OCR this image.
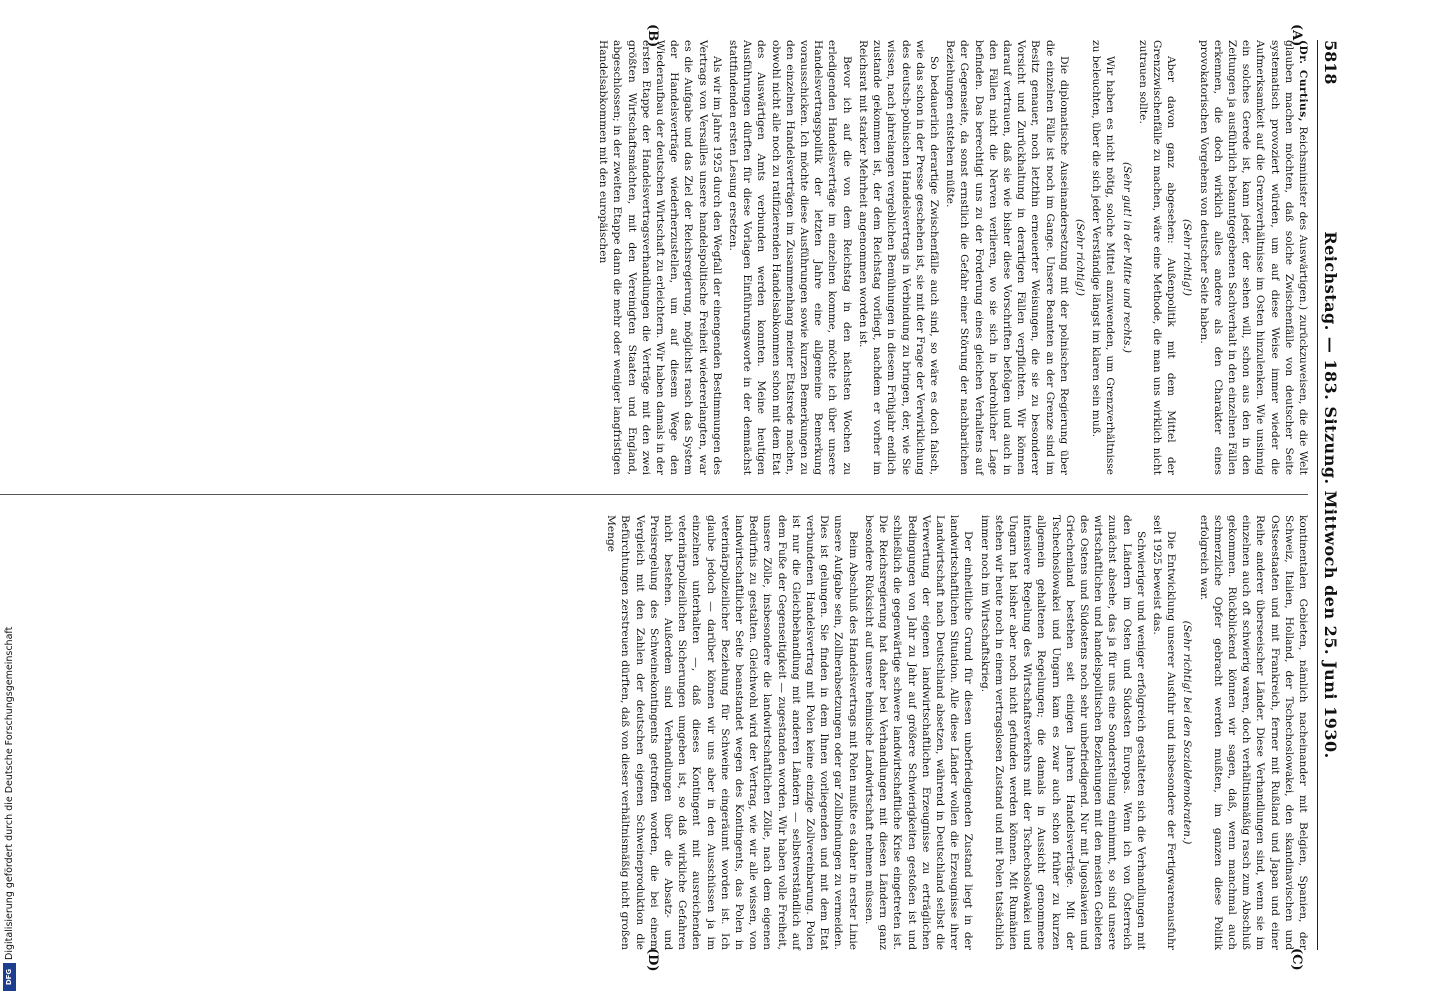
5818
Reichstag. — 183. Sitzung. Mittwoch den 25. Juni 1930.
(A)
(B)
(C)
(D)

(Dr. Curtius, Reichsminister des Auswärtigen.) zurückzuweisen, die die Welt glauben machen möchten, daß solche Zwischenfälle von deutscher Seite systematisch provoziert würden, um auf diese Weise immer wieder die Aufmerksamkeit auf die Grenzverhältnisse im Osten hinzulenken. Wie unsinnig ein solches Gerede ist, kann jeder, der sehen will, schon aus den in den Zeitungen ja ausführlich bekanntgegebenen Sachverhalt in den einzelnen Fällen erkennen, die doch wirklich alles andere als den Charakter eines provokatorischen Vorgehens von deutscher Seite haben.

(Sehr richtig!)

Aber davon ganz abgesehen: Außenpolitik mit dem Mittel der Grenzzwischenfälle zu machen, wäre eine Methode, die man uns wirklich nicht zutrauen sollte.

(Sehr gut! in der Mitte und rechts.)

Wir haben es nicht nötig, solche Mittel anzuwenden, um Grenzverhältnisse zu beleuchten, über die sich jeder Verständige längst im klaren sein muß.

(Sehr richtig!)

Die diplomatische Auseinandersetzung mit der polnischen Regierung über die einzelnen Fälle ist noch im Gange. Unsere Beamten an der Grenze sind im Besitz genauer, noch letzthin erneuerter Weisungen, die sie zu besonderer Vorsicht und Zurückhaltung in derartigen Fällen verpflichten. Wir können darauf vertrauen, daß sie wie bisher diese Vorschriften befolgen und auch in den Fällen nicht die Nerven verlieren, wo sie sich in bedrohlicher Lage befinden. Das berechtigt uns zu der Forderung eines gleichen Verhaltens auf der Gegenseite, da sonst ernstlich die Gefahr einer Störung der nachbarlichen Beziehungen entstehen müßte.

So bedauerlich derartige Zwischenfälle auch sind, so wäre es doch falsch, wie das schon in der Presse geschehen ist, sie mit der Frage der Verwirklichung des deutsch-polnischen Handelsvertrags in Verbindung zu bringen, der, wie Sie wissen, nach jahrelangen vergeblichen Bemühungen in diesem Frühjahr endlich zustande gekommen ist, der dem Reichstag vorliegt, nachdem er vorher im Reichsrat mit starker Mehrheit angenommen worden ist.

Bevor ich auf die von dem Reichstag in den nächsten Wochen zu erledigenden Handelsverträge im einzelnen komme, möchte ich über unsere Handelsvertragspolitik der letzten Jahre eine allgemeine Bemerkung vorausschicken. Ich möchte diese Ausführungen sowie kurzen Bemerkungen zu den einzelnen Handelsverträgen im Zusammenhang meiner Etatsrede machen, obwohl nicht alle noch zu ratifizierenden Handelsabkommen schon mit dem Etat des Auswärtigen Amts verbunden werden konnten. Meine heutigen Ausführungen dürften für diese Vorlagen Einführungsworte in der demnächst stattfindenden ersten Lesung ersetzen.

Als wir im Jahre 1925 durch den Wegfall der einengenden Bestimmungen des Vertrags von Versailles unsere handelspolitische Freiheit wiedererlangten, war es die Aufgabe und das Ziel der Reichsregierung, möglichst rasch das System der Handelsverträge wiederherzustellen, um auf diesem Wege den Wiederaufbau der deutschen Wirtschaft zu erleichtern. Wir haben damals in der ersten Etappe der Handelsvertragsverhandlungen die Verträge mit den zwei größten Wirtschaftsmächten, mit den Vereinigten Staaten und England, abgeschlossen; in der zweiten Etappe dann die mehr oder weniger langfristigen Handelsabkommen mit den europäischen

kontinentalen Gebieten, nämlich nacheinander mit Belgien, Spanien, der Schweiz, Italien, Holland, der Tschechoslowakei, den skandinavischen und Ostseestaaten und mit Frankreich, ferner mit Rußland und Japan und einer Reihe anderer überseeischer Länder. Diese Verhandlungen sind, wenn sie im einzelnen auch oft schwierig waren, doch verhältnismäßig rasch zum Abschluß gekommen. Rückblickend können wir sagen, daß, wenn manchmal auch schmerzliche Opfer gebracht werden mußten, im ganzen diese Politik erfolgreich war.

(Sehr richtig! bei den Sozialdemokraten.)

Die Entwicklung unserer Ausfuhr und insbesondere der Fertigwarenausfuhr seit 1925 beweist das.

Schwieriger und weniger erfolgreich gestalteten sich die Verhandlungen mit den Ländern im Osten und Südosten Europas. Wenn ich von Österreich zunächst absehe, das ja für uns eine Sonderstellung einnimmt, so sind unsere wirtschaftlichen und handelspolitischen Beziehungen mit den meisten Gebieten des Ostens und Südostens noch sehr unbefriedigend. Nur mit Jugoslawien und Griechenland bestehen seit einigen Jahren Handelsverträge. Mit der Tschechoslowakei und Ungarn kam es zwar auch schon früher zu kurzen allgemein gehaltenen Regelungen; die damals in Aussicht genommene intensivere Regelung des Wirtschaftsverkehrs mit der Tschechoslowakei und Ungarn hat bisher aber noch nicht gefunden werden können. Mit Rumänien stehen wir heute noch in einem vertragslosen Zustand und mit Polen tatsächlich immer noch im Wirtschaftskrieg.

Der einheitliche Grund für diesen unbefriedigenden Zustand liegt in der landwirtschaftlichen Situation. Alle diese Länder wollen die Erzeugnisse ihrer Landwirtschaft nach Deutschland absetzen, während in Deutschland selbst die Verwertung der eigenen landwirtschaftlichen Erzeugnisse zu erträglichen Bedingungen von Jahr zu Jahr auf größere Schwierigkeiten gestoßen ist und schließlich die gegenwärtige schwere landwirtschaftliche Krise eingetreten ist. Die Reichsregierung hat daher bei Verhandlungen mit diesen Ländern ganz besondere Rücksicht auf unsere heimische Landwirtschaft nehmen müssen.

Beim Abschluß des Handelsvertrags mit Polen mußte es daher in erster Linie unsere Aufgabe sein, Zollherabsetzungen oder gar Zollbindungen zu vermeiden. Dies ist gelungen. Sie finden in dem Ihnen vorliegenden und mit dem Etat verbundenen Handelsvertrag mit Polen keine einzige Zollvereinbarung. Polen ist nur die Gleichbehandlung mit anderen Ländern — selbstverständlich auf dem Fuße der Gegenseitigkeit — zugestanden worden. Wir haben volle Freiheit, unsere Zölle, insbesondere die landwirtschaftlichen Zölle, nach dem eigenen Bedürfnis zu gestalten. Gleichwohl wird der Vertrag, wie wir alle wissen, von landwirtschaftlicher Seite beanstandet wegen des Kontingents, das Polen in veterinärpolizeilicher Beziehung für Schweine eingeräumt worden ist. Ich glaube jedoch — darüber können wir uns aber in den Ausschüssen ja im einzelnen unterhalten —, daß dieses Kontingent mit ausreichenden veterinärpolizeilichen Sicherungen umgeben ist, so daß wirkliche Gefahren nicht bestehen. Außerdem sind Verhandlungen über die Absatz- und Preisregelung des Schweinekontingents getroffen worden, die bei einem Vergleich mit den Zahlen der deutschen eigenen Schweineproduktion die Befürchtungen zerstreuen dürften, daß von dieser verhältnismäßig nicht großen Menge

Digitalisierung gefördert durch die Deutsche Forschungsgemeinschaft
DFG
